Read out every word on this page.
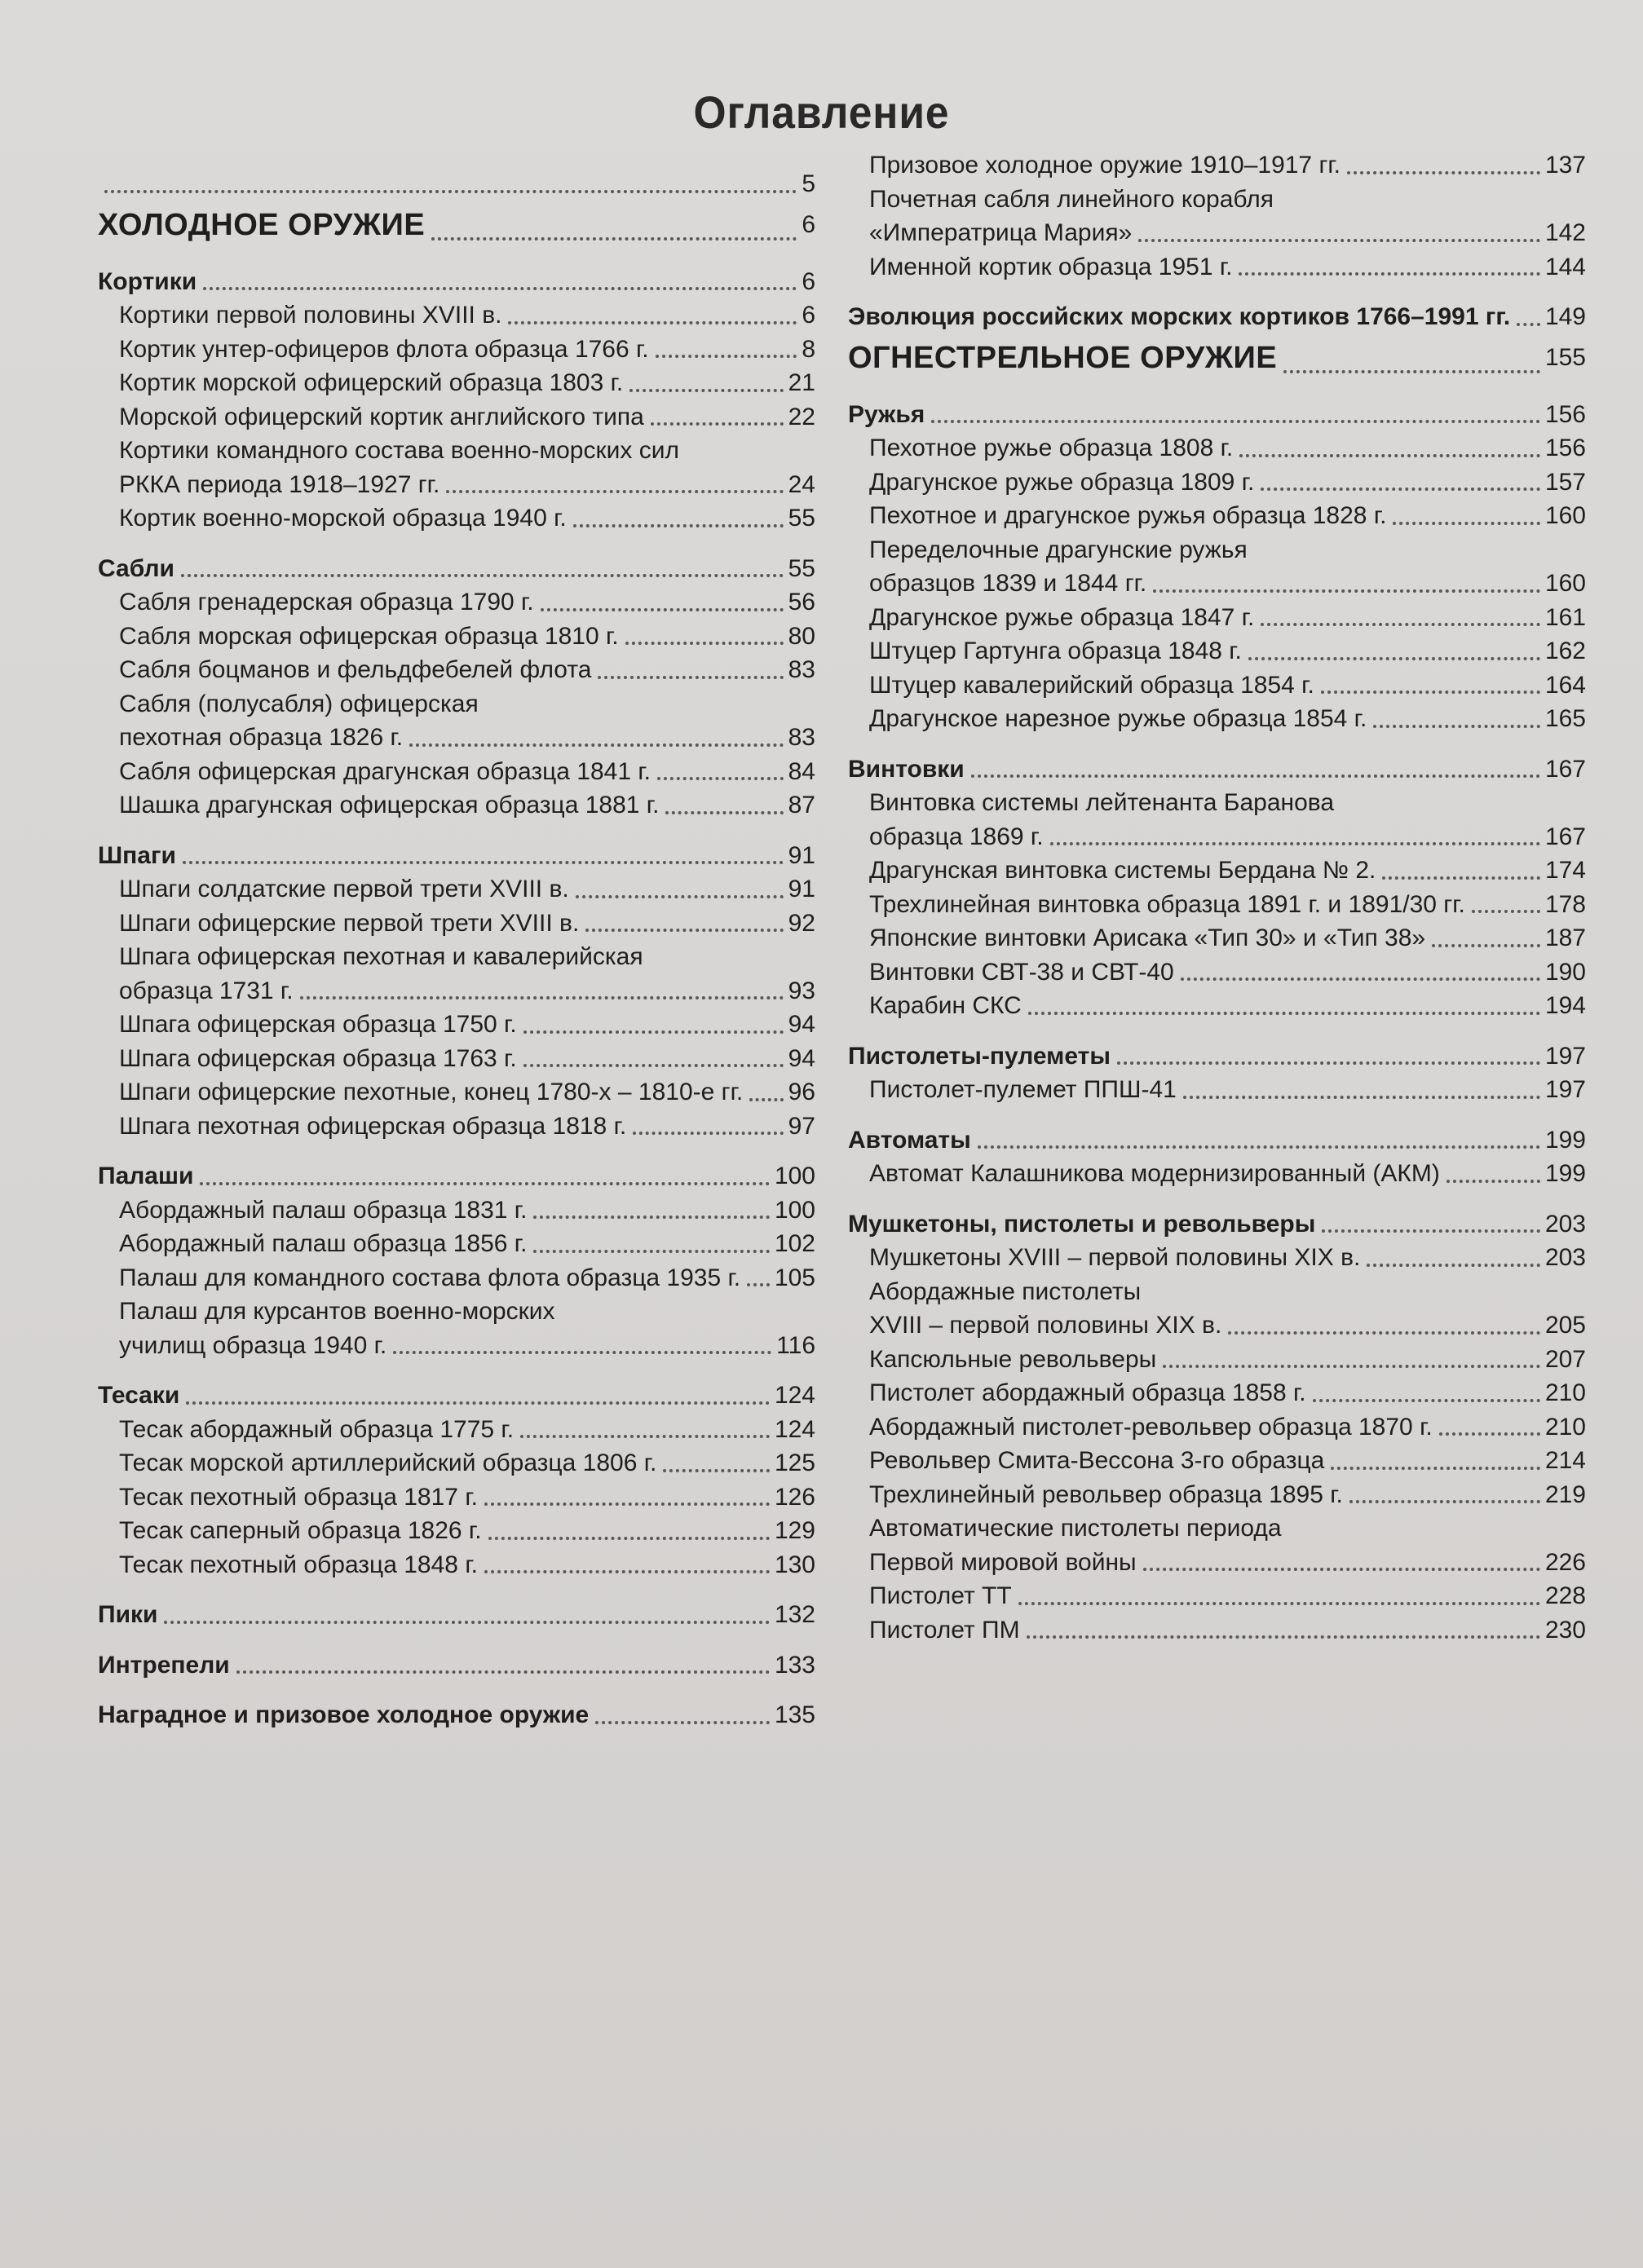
Оглавление
5
ХОЛОДНОЕ ОРУЖИЕ	6
Кортики	6
Кортики первой половины XVIII в.	6
Кортик унтер-офицеров флота образца 1766 г.	8
Кортик морской офицерский образца 1803 г.	21
Морской офицерский кортик английского типа	22
Кортики командного состава военно-морских сил
РККА периода 1918–1927 гг.	24
Кортик военно-морской образца 1940 г.	55
Сабли	55
Сабля гренадерская образца 1790 г.	56
Сабля морская офицерская образца 1810 г.	80
Сабля боцманов и фельдфебелей флота	83
Сабля (полусабля) офицерская
пехотная образца 1826 г.	83
Сабля офицерская драгунская образца 1841 г.	84
Шашка драгунская офицерская образца 1881 г.	87
Шпаги	91
Шпаги солдатские первой трети XVIII в.	91
Шпаги офицерские первой трети XVIII в.	92
Шпага офицерская пехотная и кавалерийская
образца 1731 г.	93
Шпага офицерская образца 1750 г.	94
Шпага офицерская образца 1763 г.	94
Шпаги офицерские пехотные, конец 1780-х – 1810-е гг. 96
Шпага пехотная офицерская образца 1818 г.	97
Палаши	100
Абордажный палаш образца 1831 г.	100
Абордажный палаш образца 1856 г.	102
Палаш для командного состава флота образца 1935 г. 105
Палаш для курсантов военно-морских
училищ образца 1940 г.	116
Тесаки	124
Тесак абордажный образца 1775 г.	124
Тесак морской артиллерийский образца 1806 г.	125
Тесак пехотный образца 1817 г.	126
Тесак саперный образца 1826 г.	129
Тесак пехотный образца 1848 г.	130
Пики	132
Интрепели	133
Наградное и призовое холодное оружие	135
Призовое холодное оружие 1910–1917 гг.	137
Почетная сабля линейного корабля
«Императрица Мария»	142
Именной кортик образца 1951 г.	144
Эволюция российских морских кортиков 1766–1991 гг. 149
ОГНЕСТРЕЛЬНОЕ ОРУЖИЕ	155
Ружья	156
Пехотное ружье образца 1808 г.	156
Драгунское ружье образца 1809 г.	157
Пехотное и драгунское ружья образца 1828 г.	160
Переделочные драгунские ружья
образцов 1839 и 1844 гг.	160
Драгунское ружье образца 1847 г.	161
Штуцер Гартунга образца 1848 г.	162
Штуцер кавалерийский образца 1854 г.	164
Драгунское нарезное ружье образца 1854 г.	165
Винтовки	167
Винтовка системы лейтенанта Баранова
образца 1869 г.	167
Драгунская винтовка системы Бердана № 2.	174
Трехлинейная винтовка образца 1891 г. и 1891/30 гг.	178
Японские винтовки Арисака «Тип 30» и «Тип 38»	187
Винтовки СВТ-38 и СВТ-40	190
Карабин СКС	194
Пистолеты-пулеметы	197
Пистолет-пулемет ППШ-41	197
Автоматы	199
Автомат Калашникова модернизированный (АКМ)	199
Мушкетоны, пистолеты и револьверы	203
Мушкетоны XVIII – первой половины XIX в.	203
Абордажные пистолеты
XVIII – первой половины XIX в.	205
Капсюльные револьверы	207
Пистолет абордажный образца 1858 г.	210
Абордажный пистолет-револьвер образца 1870 г.	210
Револьвер Смита-Вессона 3-го образца	214
Трехлинейный револьвер образца 1895 г.	219
Автоматические пистолеты периода
Первой мировой войны	226
Пистолет ТТ	228
Пистолет ПМ	230
